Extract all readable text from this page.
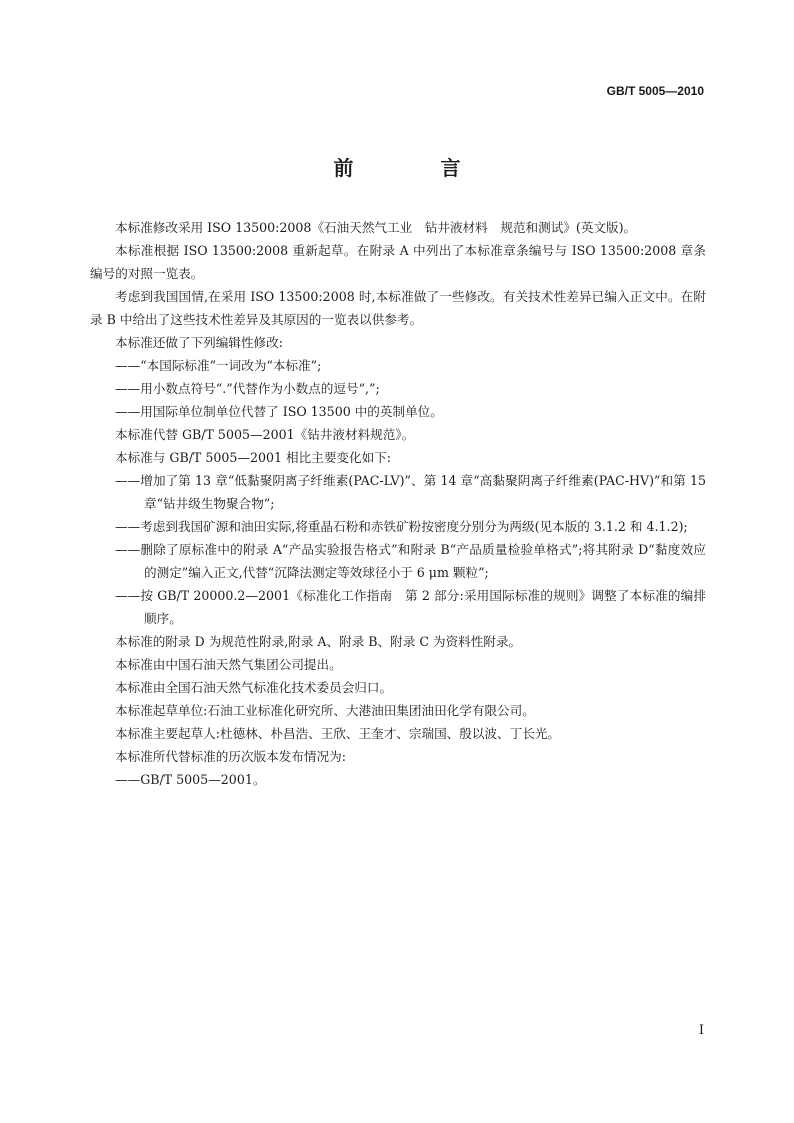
GB/T 5005—2010
前 言

本标准修改采用 ISO 13500:2008《石油天然气工业　钻井液材料　规范和测试》(英文版)。

本标准根据 ISO 13500:2008 重新起草。在附录 A 中列出了本标准章条编号与 ISO 13500:2008 章条编号的对照一览表。

考虑到我国国情,在采用 ISO 13500:2008 时,本标准做了一些修改。有关技术性差异已编入正文中。在附录 B 中给出了这些技术性差异及其原因的一览表以供参考。

本标准还做了下列编辑性修改:

——“本国际标准”一词改为“本标准”;

——用小数点符号“.”代替作为小数点的逗号“,”;

——用国际单位制单位代替了 ISO 13500 中的英制单位。

本标准代替 GB/T 5005—2001《钻井液材料规范》。

本标准与 GB/T 5005—2001 相比主要变化如下:

——增加了第 13 章“低黏聚阴离子纤维素(PAC-LV)”、第 14 章“高黏聚阴离子纤维素(PAC-HV)”和第 15 章“钻井级生物聚合物”;

——考虑到我国矿源和油田实际,将重晶石粉和赤铁矿粉按密度分别分为两级(见本版的 3.1.2 和 4.1.2);

——删除了原标准中的附录 A“产品实验报告格式”和附录 B“产品质量检验单格式”;将其附录 D“黏度效应的测定”编入正文,代替“沉降法测定等效球径小于 6 μm 颗粒”;

——按 GB/T 20000.2—2001《标准化工作指南　第 2 部分:采用国际标准的规则》调整了本标准的编排顺序。

本标准的附录 D 为规范性附录,附录 A、附录 B、附录 C 为资料性附录。

本标准由中国石油天然气集团公司提出。

本标准由全国石油天然气标准化技术委员会归口。

本标准起草单位:石油工业标准化研究所、大港油田集团油田化学有限公司。

本标准主要起草人:杜德林、朴昌浩、王欣、王奎才、宗瑞国、殷以波、丁长光。

本标准所代替标准的历次版本发布情况为:

——GB/T 5005—2001。

I
